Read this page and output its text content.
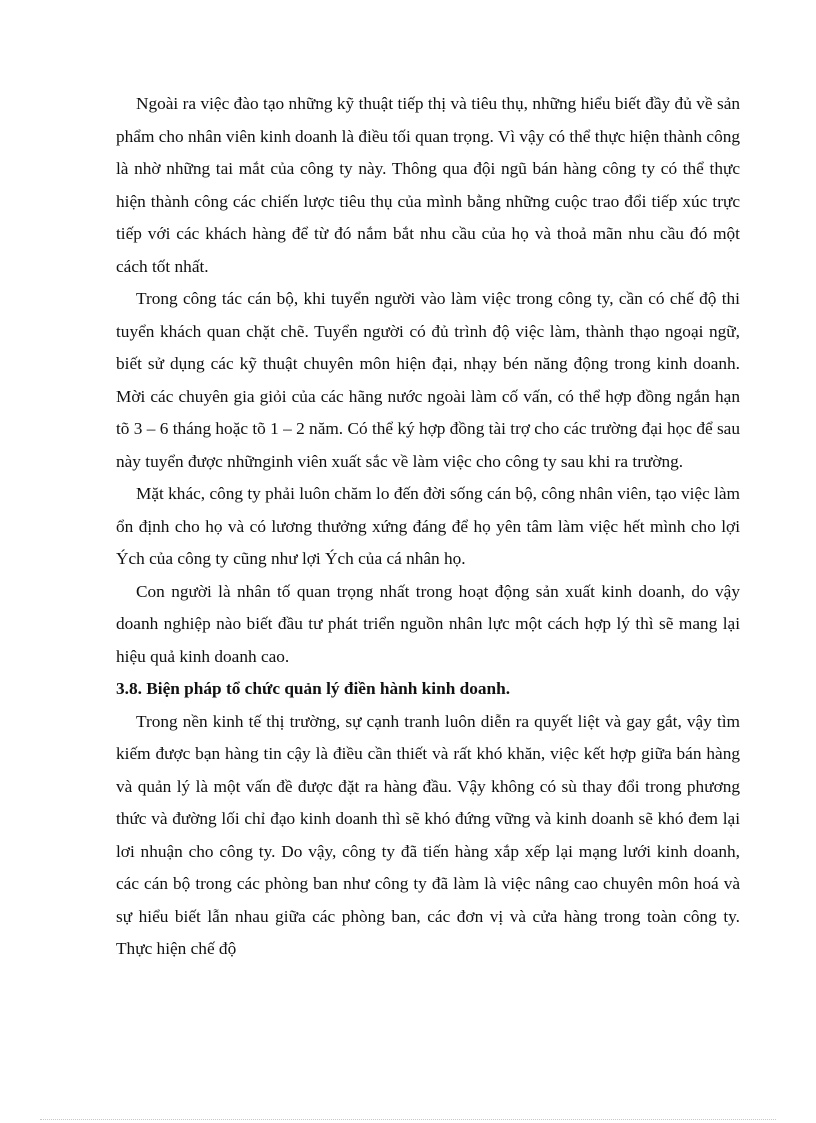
Ngoài ra việc đào tạo những kỹ thuật tiếp thị và tiêu thụ, những hiểu biết đầy đủ về sản phẩm cho nhân viên kinh doanh là điều tối quan trọng. Vì vậy có thể thực hiện thành công là nhờ những tai mắt của công ty này. Thông qua đội ngũ bán hàng công ty có thể thực hiện thành công các chiến lược tiêu thụ của mình bằng những cuộc trao đổi tiếp xúc trực tiếp với các khách hàng để từ đó nắm bắt nhu cầu của họ và thoả mãn nhu cầu đó một cách tốt nhất.

Trong công tác cán bộ, khi tuyển người vào làm việc trong công ty, cần có chế độ thi tuyển khách quan chặt chẽ. Tuyển người có đủ trình độ việc làm, thành thạo ngoại ngữ, biết sử dụng các kỹ thuật chuyên môn hiện đại, nhạy bén năng động trong kinh doanh. Mời các chuyên gia giỏi của các hãng nước ngoài làm cố vấn, có thể hợp đồng ngắn hạn tõ 3 – 6 tháng hoặc tõ 1 – 2 năm. Có thể ký hợp đồng tài trợ cho các trường đại học để sau này tuyển được nhữnginh viên xuất sắc về làm việc cho công ty sau khi ra trường.

Mặt khác, công ty phải luôn chăm lo đến đời sống cán bộ, công nhân viên, tạo việc làm ổn định cho họ và có lương thưởng xứng đáng để họ yên tâm làm việc hết mình cho lợi Ých của công ty cũng như lợi Ých của cá nhân họ.

Con người là nhân tố quan trọng nhất trong hoạt động sản xuất kinh doanh, do vậy doanh nghiệp nào biết đầu tư phát triển nguồn nhân lực một cách hợp lý thì sẽ mang lại hiệu quả kinh doanh cao.

3.8. Biện pháp tổ chức quản lý điền hành kinh doanh.

Trong nền kinh tế thị trường, sự cạnh tranh luôn diễn ra quyết liệt và gay gắt, vậy tìm kiếm được bạn hàng tin cậy là điều cần thiết và rất khó khăn, việc kết hợp giữa bán hàng và quản lý là một vấn đề được đặt ra hàng đầu. Vậy không có sù thay đổi trong phương thức và đường lối chỉ đạo kinh doanh thì sẽ khó đứng vững và kinh doanh sẽ khó đem lại lơi nhuận cho công ty. Do vậy, công ty đã tiến hàng xắp xếp lại mạng lưới kinh doanh, các cán bộ trong các phòng ban như công ty đã làm là việc nâng cao chuyên môn hoá và sự hiểu biết lẫn nhau giữa các phòng ban, các đơn vị và cửa hàng trong toàn công ty. Thực hiện chế độ
